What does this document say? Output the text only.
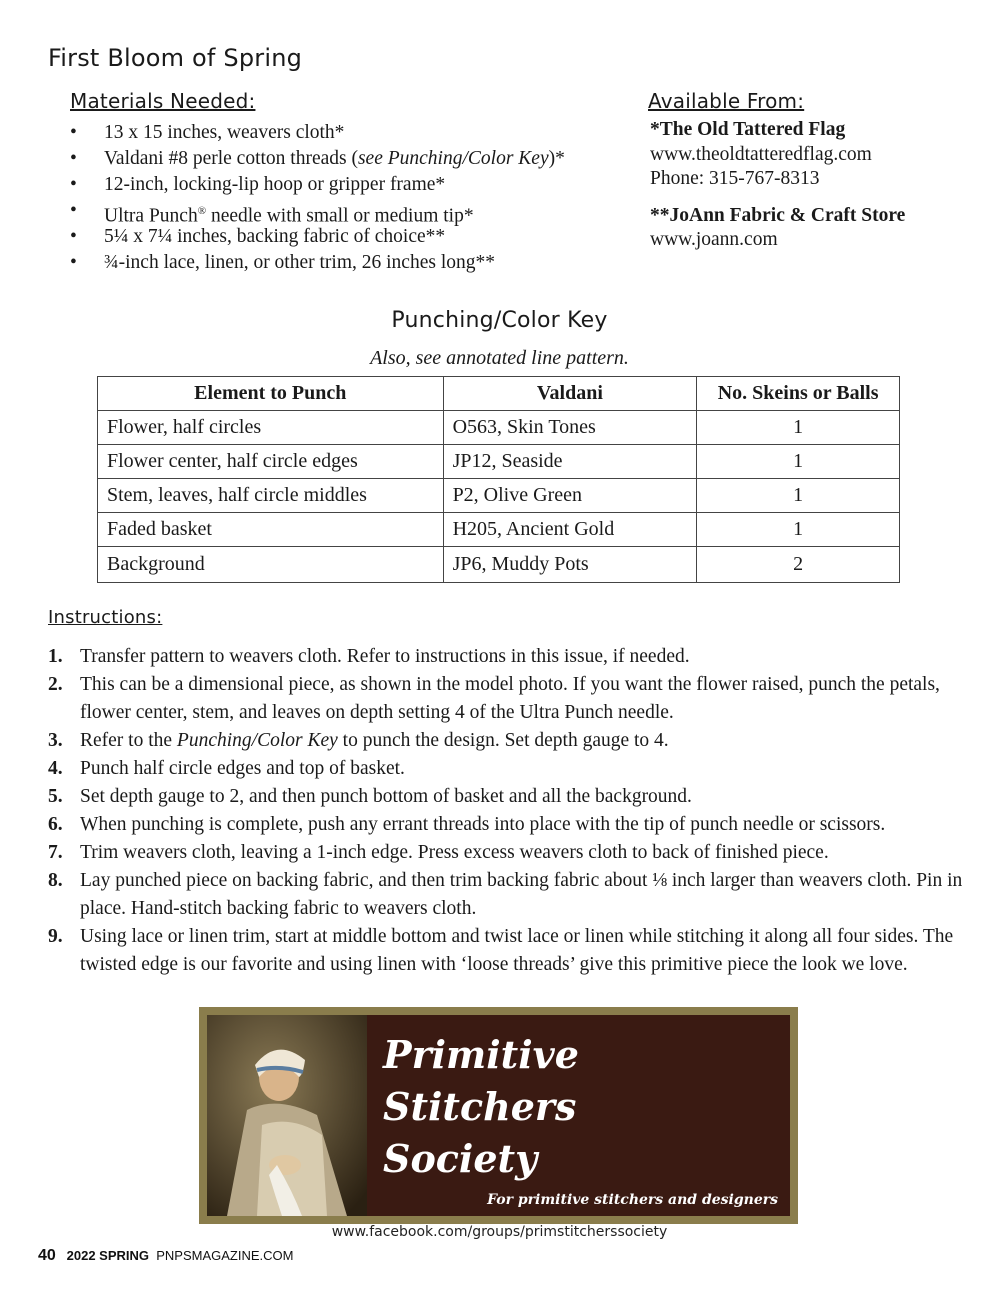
First Bloom of Spring
Materials Needed:
• 13 x 15 inches, weavers cloth*
• Valdani #8 perle cotton threads (see Punching/Color Key)*
• 12-inch, locking-lip hoop or gripper frame*
• Ultra Punch® needle with small or medium tip*
• 5¼ x 7¼ inches, backing fabric of choice**
• ¾-inch lace, linen, or other trim, 26 inches long**
Available From:
*The Old Tattered Flag
www.theoldtatteredflag.com
Phone: 315-767-8313
**JoAnn Fabric & Craft Store
www.joann.com
Punching/Color Key
Also, see annotated line pattern.
Element to Punch	Valdani	No. Skeins or Balls
Flower, half circles	O563, Skin Tones	1
Flower center, half circle edges	JP12, Seaside	1
Stem, leaves, half circle middles	P2, Olive Green	1
Faded basket	H205, Ancient Gold	1
Background	JP6, Muddy Pots	2
Instructions:
1. Transfer pattern to weavers cloth. Refer to instructions in this issue, if needed.
2. This can be a dimensional piece, as shown in the model photo. If you want the flower raised, punch the petals, flower center, stem, and leaves on depth setting 4 of the Ultra Punch needle.
3. Refer to the Punching/Color Key to punch the design. Set depth gauge to 4.
4. Punch half circle edges and top of basket.
5. Set depth gauge to 2, and then punch bottom of basket and all the background.
6. When punching is complete, push any errant threads into place with the tip of punch needle or scissors.
7. Trim weavers cloth, leaving a 1-inch edge. Press excess weavers cloth to back of finished piece.
8. Lay punched piece on backing fabric, and then trim backing fabric about ⅛ inch larger than weavers cloth. Pin in place. Hand-stitch backing fabric to weavers cloth.
9. Using lace or linen trim, start at middle bottom and twist lace or linen while stitching it along all four sides. The twisted edge is our favorite and using linen with ‘loose threads’ give this primitive piece the look we love.
Primitive
Stitchers
Society
For primitive stitchers and designers
www.facebook.com/groups/primstitcherssociety
40 2022 SPRING PNPSMAGAZINE.COM
